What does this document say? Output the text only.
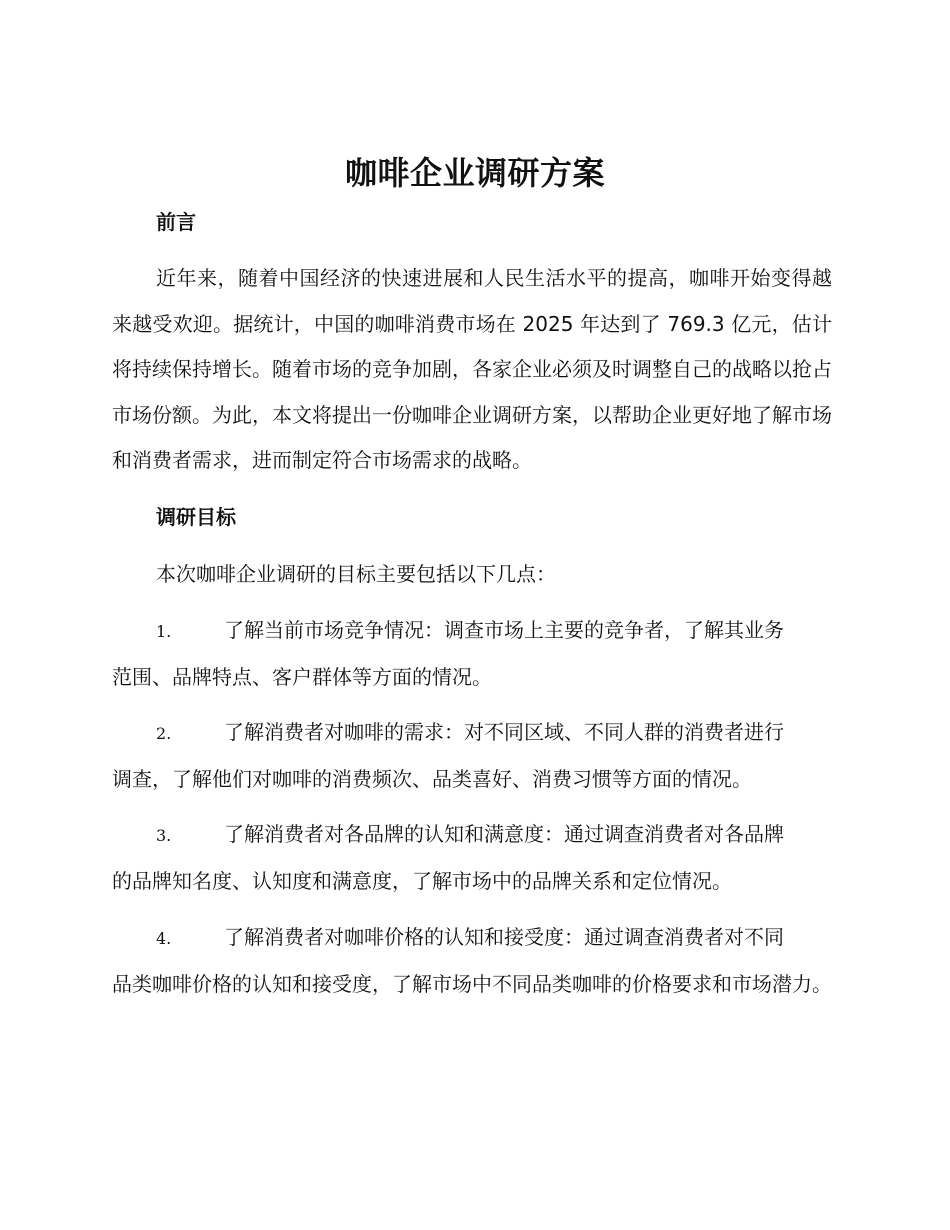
咖啡企业调研方案
前言

近年来，随着中国经济的快速进展和人民生活水平的提高，咖啡开始变得越来越受欢迎。据统计，中国的咖啡消费市场在 2025 年达到了 769.3 亿元，估计将持续保持增长。随着市场的竞争加剧，各家企业必须及时调整自己的战略以抢占市场份额。为此，本文将提出一份咖啡企业调研方案，以帮助企业更好地了解市场和消费者需求，进而制定符合市场需求的战略。

调研目标
本次咖啡企业调研的目标主要包括以下几点：
1.	了解当前市场竞争情况：调查市场上主要的竞争者，了解其业务
范围、品牌特点、客户群体等方面的情况。
2.	了解消费者对咖啡的需求：对不同区域、不同人群的消费者进行
调查，了解他们对咖啡的消费频次、品类喜好、消费习惯等方面的情况。
3.	了解消费者对各品牌的认知和满意度：通过调查消费者对各品牌
的品牌知名度、认知度和满意度，了解市场中的品牌关系和定位情况。
4.	了解消费者对咖啡价格的认知和接受度：通过调查消费者对不同
品类咖啡价格的认知和接受度，了解市场中不同品类咖啡的价格要求和市场潜力。
